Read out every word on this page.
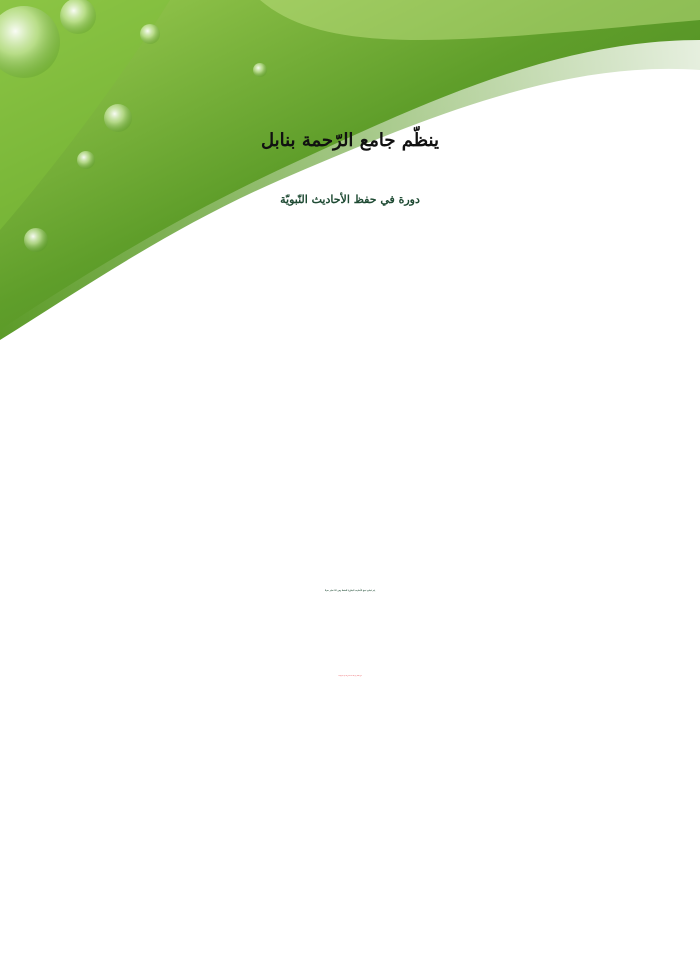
ينظّم جامع الرّحمة بنابل
دورة في حفظ الأحاديث النّبويّة
يتم تسليم نسخ الأحاديث المقرّرة للحفظ وهي اثنا عشر حديثا
تاريخ الاختبار يوم الأحد 20ديسمبروذلك في جامع الرّحمة
